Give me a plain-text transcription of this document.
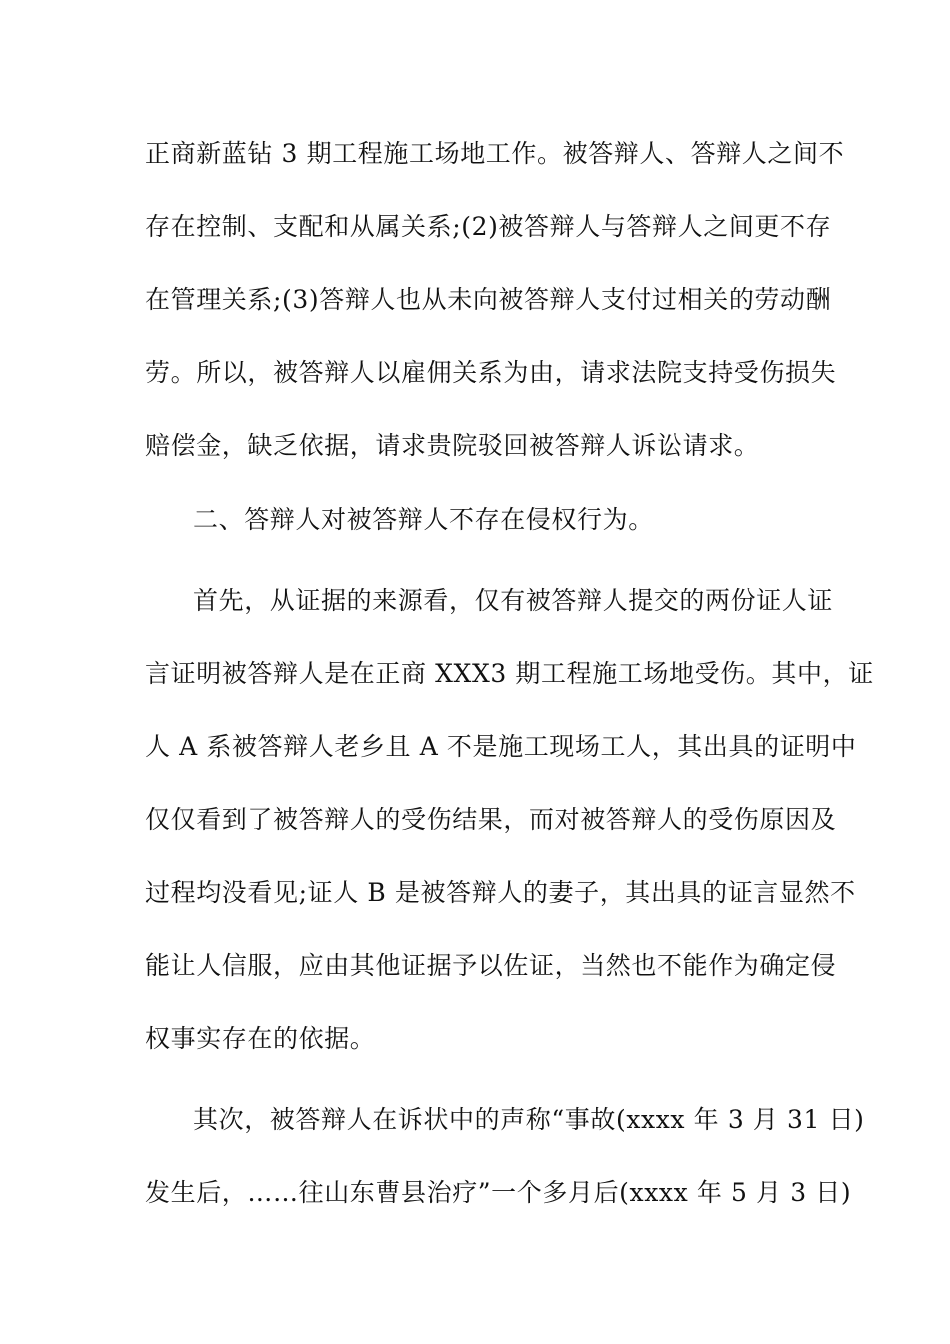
正商新蓝钻 3 期工程施工场地工作。被答辩人、答辩人之间不
存在控制、支配和从属关系;(2)被答辩人与答辩人之间更不存
在管理关系;(3)答辩人也从未向被答辩人支付过相关的劳动酬
劳。所以，被答辩人以雇佣关系为由，请求法院支持受伤损失
赔偿金，缺乏依据，请求贵院驳回被答辩人诉讼请求。
二、答辩人对被答辩人不存在侵权行为。
首先，从证据的来源看，仅有被答辩人提交的两份证人证
言证明被答辩人是在正商 XXX3 期工程施工场地受伤。其中，证
人 A 系被答辩人老乡且 A 不是施工现场工人，其出具的证明中
仅仅看到了被答辩人的受伤结果，而对被答辩人的受伤原因及
过程均没看见;证人 B 是被答辩人的妻子，其出具的证言显然不
能让人信服，应由其他证据予以佐证，当然也不能作为确定侵
权事实存在的依据。
其次，被答辩人在诉状中的声称“事故(xxxx 年 3 月 31 日)
发生后，……往山东曹县治疗”一个多月后(xxxx 年 5 月 3 日)
